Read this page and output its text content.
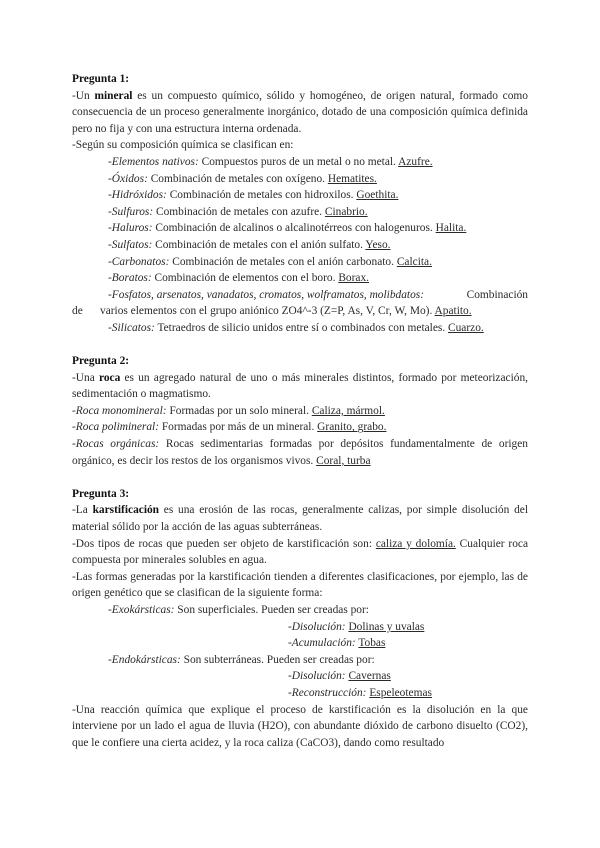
Pregunta 1:

-Un mineral es un compuesto químico, sólido y homogéneo, de origen natural, formado como consecuencia de un proceso generalmente inorgánico, dotado de una composición química definida pero no fija y con una estructura interna ordenada.

-Según su composición química se clasifican en:

-Elementos nativos: Compuestos puros de un metal o no metal. Azufre.

-Óxidos: Combinación de metales con oxígeno. Hematites.

-Hidróxidos: Combinación de metales con hidroxilos. Goethita.

-Sulfuros: Combinación de metales con azufre. Cinabrio.

-Haluros: Combinación de alcalinos o alcalinotérreos con halogenuros. Halita.

-Sulfatos: Combinación de metales con el anión sulfato. Yeso.

-Carbonatos: Combinación de metales con el anión carbonato. Calcita.

-Boratos: Combinación de elementos con el boro. Borax.

-Fosfatos, arsenatos, vanadatos, cromatos, wolframatos, molibdatos:	Combinación

de	varios elementos con el grupo aniónico ZO4^-3 (Z=P, As, V, Cr, W, Mo). Apatito.

-Silicatos: Tetraedros de silicio unidos entre sí o combinados con metales. Cuarzo.

Pregunta 2:

-Una roca es un agregado natural de uno o más minerales distintos, formado por meteorización, sedimentación o magmatismo.

-Roca monomineral: Formadas por un solo mineral. Caliza, mármol.

-Roca polimineral: Formadas por más de un mineral. Granito, grabo.

-Rocas orgánicas: Rocas sedimentarias formadas por depósitos fundamentalmente de origen orgánico, es decir los restos de los organismos vivos. Coral, turba

Pregunta 3:

-La karstificación es una erosión de las rocas, generalmente calizas, por simple disolución del material sólido por la acción de las aguas subterráneas.

-Dos tipos de rocas que pueden ser objeto de karstificación son: caliza y dolomía. Cualquier roca compuesta por minerales solubles en agua.

-Las formas generadas por la karstificación tienden a diferentes clasificaciones, por ejemplo, las de origen genético que se clasifican de la siguiente forma:

-Exokársticas: Son superficiales. Pueden ser creadas por:

-Disolución: Dolinas y uvalas

-Acumulación: Tobas

-Endokársticas: Son subterráneas. Pueden ser creadas por:

-Disolución: Cavernas

-Reconstrucción: Espeleotemas

-Una reacción química que explique el proceso de karstificación es la disolución en la que interviene por un lado el agua de lluvia (H2O), con abundante dióxido de carbono disuelto (CO2), que le confiere una cierta acidez, y la roca caliza (CaCO3), dando como resultado
